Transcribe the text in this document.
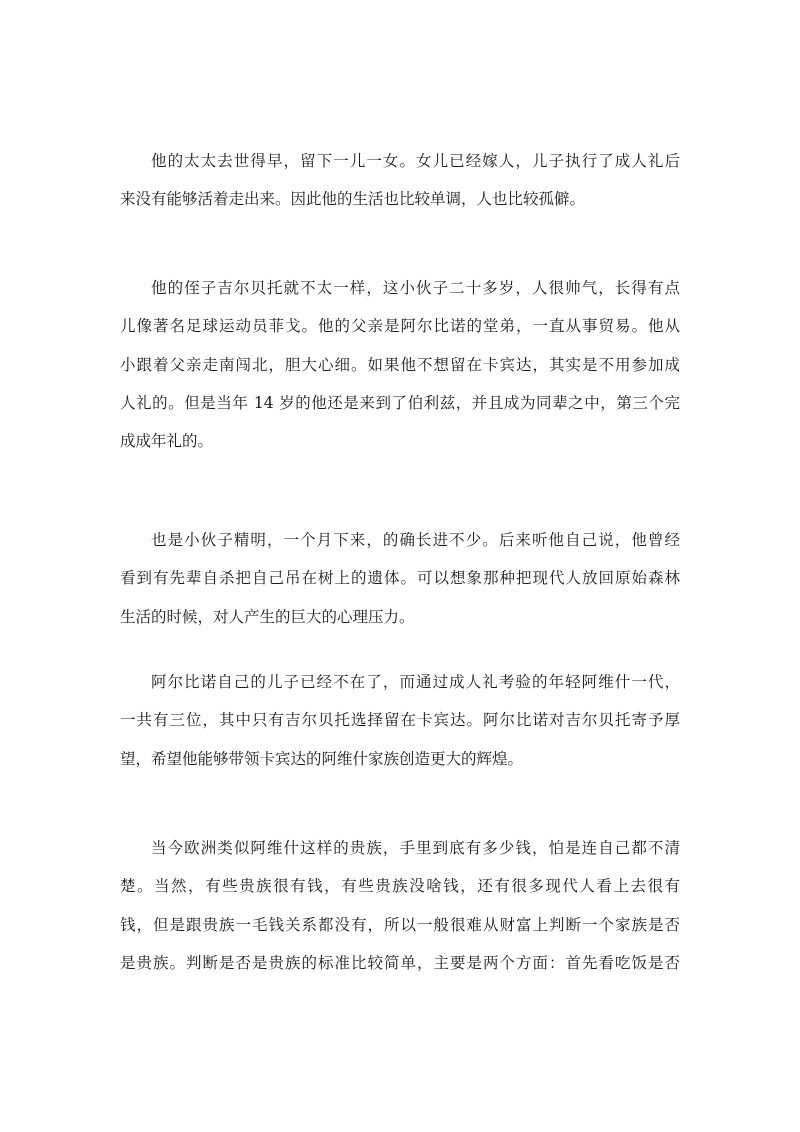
他的太太去世得早，留下一儿一女。女儿已经嫁人，儿子执行了成人礼后
来没有能够活着走出来。因此他的生活也比较单调，人也比较孤僻。
他的侄子吉尔贝托就不太一样，这小伙子二十多岁，人很帅气，长得有点
儿像著名足球运动员菲戈。他的父亲是阿尔比诺的堂弟，一直从事贸易。他从
小跟着父亲走南闯北，胆大心细。如果他不想留在卡宾达，其实是不用参加成
人礼的。但是当年 14 岁的他还是来到了伯利兹，并且成为同辈之中，第三个完
成成年礼的。
也是小伙子精明，一个月下来，的确长进不少。后来听他自己说，他曾经
看到有先辈自杀把自己吊在树上的遗体。可以想象那种把现代人放回原始森林
生活的时候，对人产生的巨大的心理压力。
阿尔比诺自己的儿子已经不在了，而通过成人礼考验的年轻阿维什一代，
一共有三位，其中只有吉尔贝托选择留在卡宾达。阿尔比诺对吉尔贝托寄予厚
望，希望他能够带领卡宾达的阿维什家族创造更大的辉煌。
当今欧洲类似阿维什这样的贵族，手里到底有多少钱，怕是连自己都不清
楚。当然，有些贵族很有钱，有些贵族没啥钱，还有很多现代人看上去很有
钱，但是跟贵族一毛钱关系都没有，所以一般很难从财富上判断一个家族是否
是贵族。判断是否是贵族的标准比较简单，主要是两个方面：首先看吃饭是否
